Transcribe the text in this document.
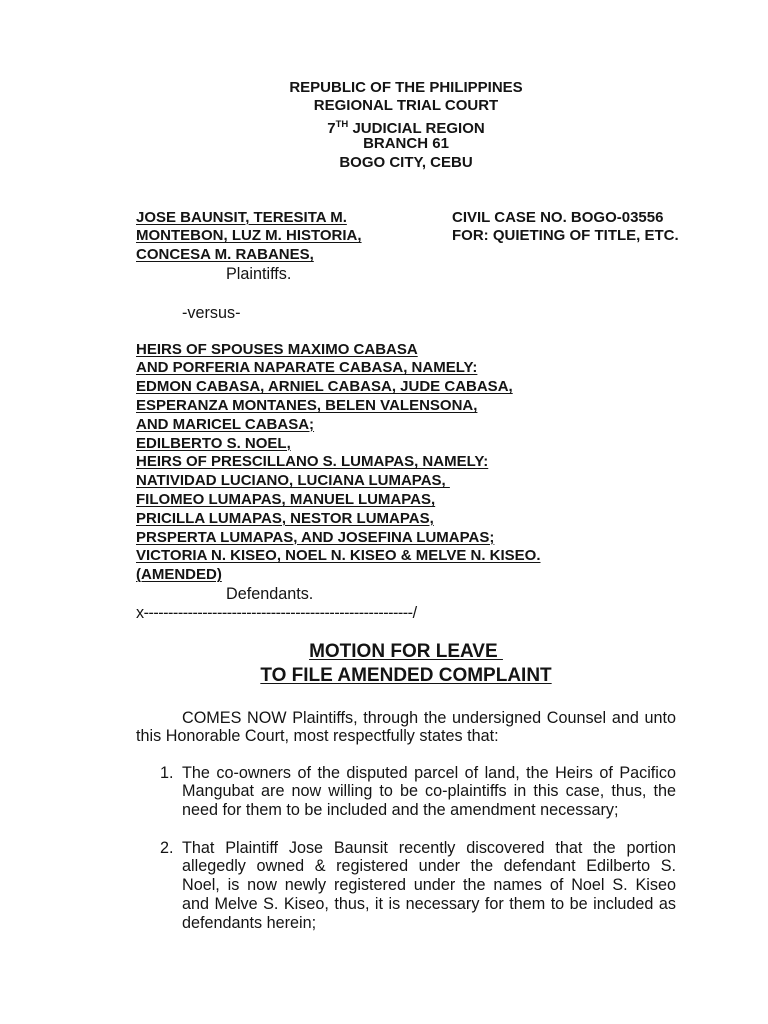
REPUBLIC OF THE PHILIPPINES
REGIONAL TRIAL COURT
7TH JUDICIAL REGION
BRANCH 61
BOGO CITY, CEBU
JOSE BAUNSIT, TERESITA M.
MONTEBON, LUZ M. HISTORIA,
CONCESA M. RABANES,
Plaintiffs.
CIVIL CASE NO. BOGO-03556
FOR: QUIETING OF TITLE, ETC.
-versus-
HEIRS OF SPOUSES MAXIMO CABASA
AND PORFERIA NAPARATE CABASA, NAMELY:
EDMON CABASA, ARNIEL CABASA, JUDE CABASA,
ESPERANZA MONTANES, BELEN VALENSONA,
AND MARICEL CABASA;
EDILBERTO S. NOEL,
HEIRS OF PRESCILLANO S. LUMAPAS, NAMELY:
NATIVIDAD LUCIANO, LUCIANA LUMAPAS,
FILOMEO LUMAPAS, MANUEL LUMAPAS,
PRICILLA LUMAPAS, NESTOR LUMAPAS,
PRSPERTA LUMAPAS, AND JOSEFINA LUMAPAS;
VICTORIA N. KISEO, NOEL N. KISEO & MELVE N. KISEO.
(AMENDED)
Defendants.
x-------------------------------------------------------/
MOTION FOR LEAVE
TO FILE AMENDED COMPLAINT
COMES NOW Plaintiffs, through the undersigned Counsel and unto
this Honorable Court, most respectfully states that:
1. The co-owners of the disputed parcel of land, the Heirs of Pacifico
Mangubat are now willing to be co-plaintiffs in this case, thus, the
need for them to be included and the amendment necessary;
2. That Plaintiff Jose Baunsit recently discovered that the portion
allegedly owned & registered under the defendant Edilberto S.
Noel, is now newly registered under the names of Noel S. Kiseo
and Melve S. Kiseo, thus, it is necessary for them to be included as
defendants herein;
